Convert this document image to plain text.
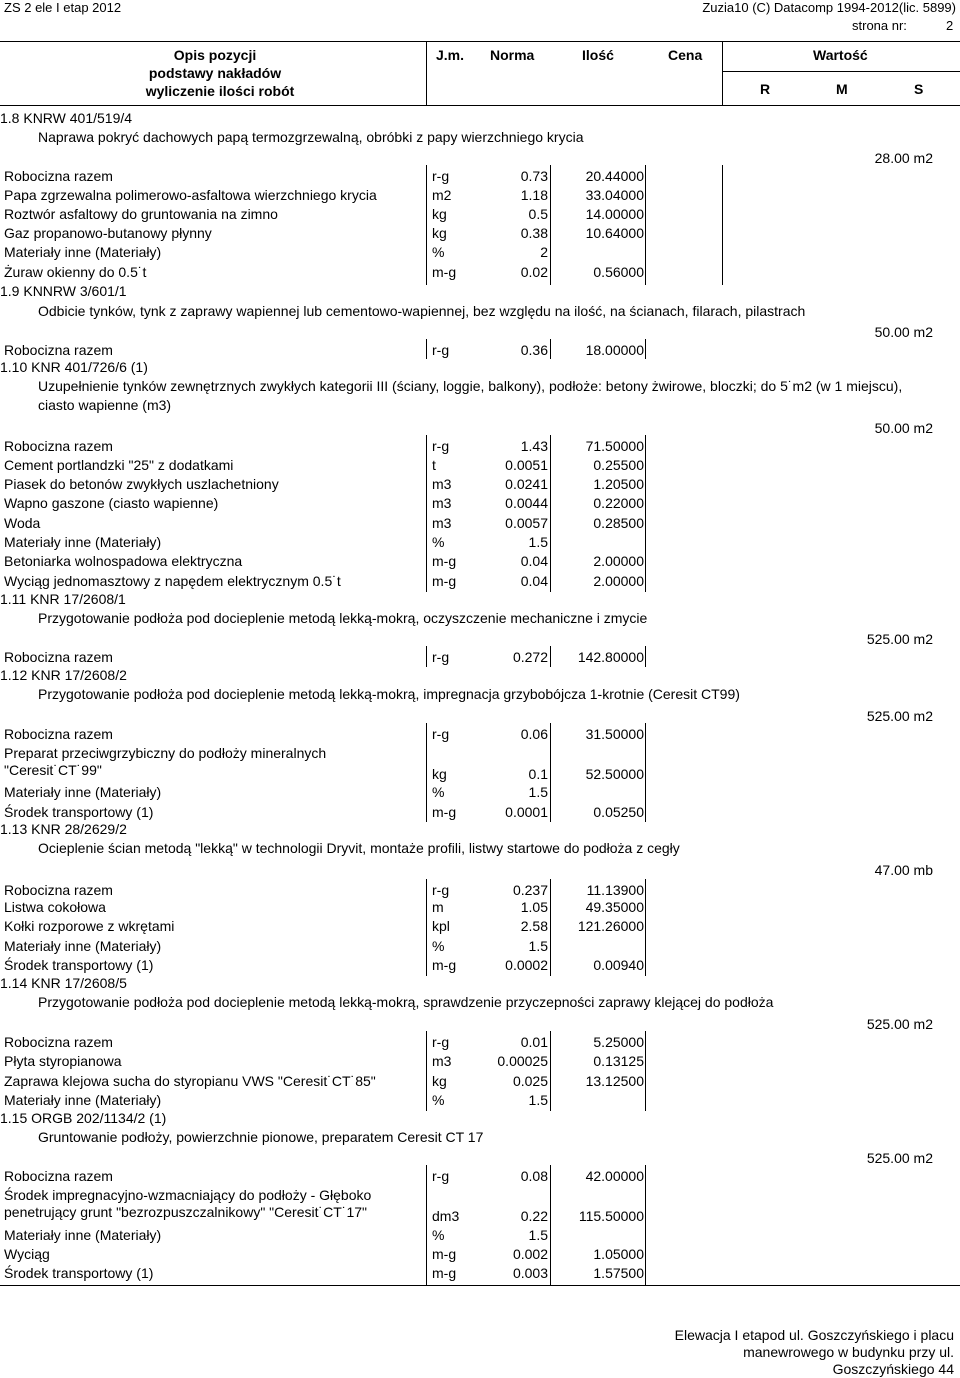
ZS 2 ele I etap 2012	Zuzia10 (C) Datacomp 1994-2012(lic. 5899)
strona nr:	2
Opis pozycji
podstawy nakładów
wyliczenie ilości robót
J.m. Norma	Ilość	Cena	Wartość
R	M	S
1.8 KNRW 401/519/4
Naprawa pokryć dachowych papą termozgrzewalną, obróbki z papy wierzchniego krycia
28.00 m2
Robocizna razem	r-g	0.73	20.44000
Papa zgrzewalna polimerowo-asfaltowa wierzchniego krycia	m2	1.18	33.04000
Roztwór asfaltowy do gruntowania na zimno	kg	0.5	14.00000
Gaz propanowo-butanowy płynny	kg	0.38	10.64000
Materiały inne (Materiały)	%	2
Żuraw okienny do 0.5˙t	m-g	0.02	0.56000
1.9 KNNRW 3/601/1
Odbicie tynków, tynk z zaprawy wapiennej lub cementowo-wapiennej, bez względu na ilość, na ścianach, filarach, pilastrach
50.00 m2
Robocizna razem	r-g	0.36	18.00000
1.10 KNR 401/726/6 (1)
Uzupełnienie tynków zewnętrznych zwykłych kategorii III (ściany, loggie, balkony), podłoże: betony żwirowe, bloczki; do 5˙m2 (w 1 miejscu),
ciasto wapienne (m3)
50.00 m2
Robocizna razem	r-g	1.43	71.50000
Cement portlandzki "25" z dodatkami	t	0.0051	0.25500
Piasek do betonów zwykłych uszlachetniony	m3	0.0241	1.20500
Wapno gaszone (ciasto wapienne)	m3	0.0044	0.22000
Woda	m3	0.0057	0.28500
Materiały inne (Materiały)	%	1.5
Betoniarka wolnospadowa elektryczna	m-g	0.04	2.00000
Wyciąg jednomasztowy z napędem elektrycznym 0.5˙t	m-g	0.04	2.00000
1.11 KNR 17/2608/1
Przygotowanie podłoża pod docieplenie metodą lekką-mokrą, oczyszczenie mechaniczne i zmycie
525.00 m2
Robocizna razem	r-g	0.272	142.80000
1.12 KNR 17/2608/2
Przygotowanie podłoża pod docieplenie metodą lekką-mokrą, impregnacja grzybobójcza 1-krotnie (Ceresit CT99)
525.00 m2
Robocizna razem	r-g	0.06	31.50000
Preparat przeciwgrzybiczny do podłoży mineralnych
"Ceresit˙CT˙99"	kg	0.1	52.50000
Materiały inne (Materiały)	%	1.5
Środek transportowy (1)	m-g	0.0001	0.05250
1.13 KNR 28/2629/2
Ocieplenie ścian metodą "lekką" w technologii Dryvit, montaże profili, listwy startowe do podłoża z cegły
47.00 mb
Robocizna razem	r-g	0.237	11.13900
Listwa cokołowa	m	1.05	49.35000
Kołki rozporowe z wkrętami	kpl	2.58	121.26000
Materiały inne (Materiały)	%	1.5
Środek transportowy (1)	m-g	0.0002	0.00940
1.14 KNR 17/2608/5
Przygotowanie podłoża pod docieplenie metodą lekką-mokrą, sprawdzenie przyczepności zaprawy klejącej do podłoża
525.00 m2
Robocizna razem	r-g	0.01	5.25000
Płyta styropianowa	m3	0.00025	0.13125
Zaprawa klejowa sucha do styropianu VWS "Ceresit˙CT˙85"	kg	0.025	13.12500
Materiały inne (Materiały)	%	1.5
1.15 ORGB 202/1134/2 (1)
Gruntowanie podłoży, powierzchnie pionowe, preparatem Ceresit CT 17
525.00 m2
Robocizna razem	r-g	0.08	42.00000
Środek impregnacyjno-wzmacniający do podłoży - Głęboko
penetrujący grunt "bezrozpuszczalnikowy" "Ceresit˙CT˙17"	dm3	0.22	115.50000
Materiały inne (Materiały)	%	1.5
Wyciąg	m-g	0.002	1.05000
Środek transportowy (1)	m-g	0.003	1.57500
Elewacja I etapod ul. Goszczyńskiego i placu
manewrowego w budynku przy ul.
Goszczyńskiego 44
